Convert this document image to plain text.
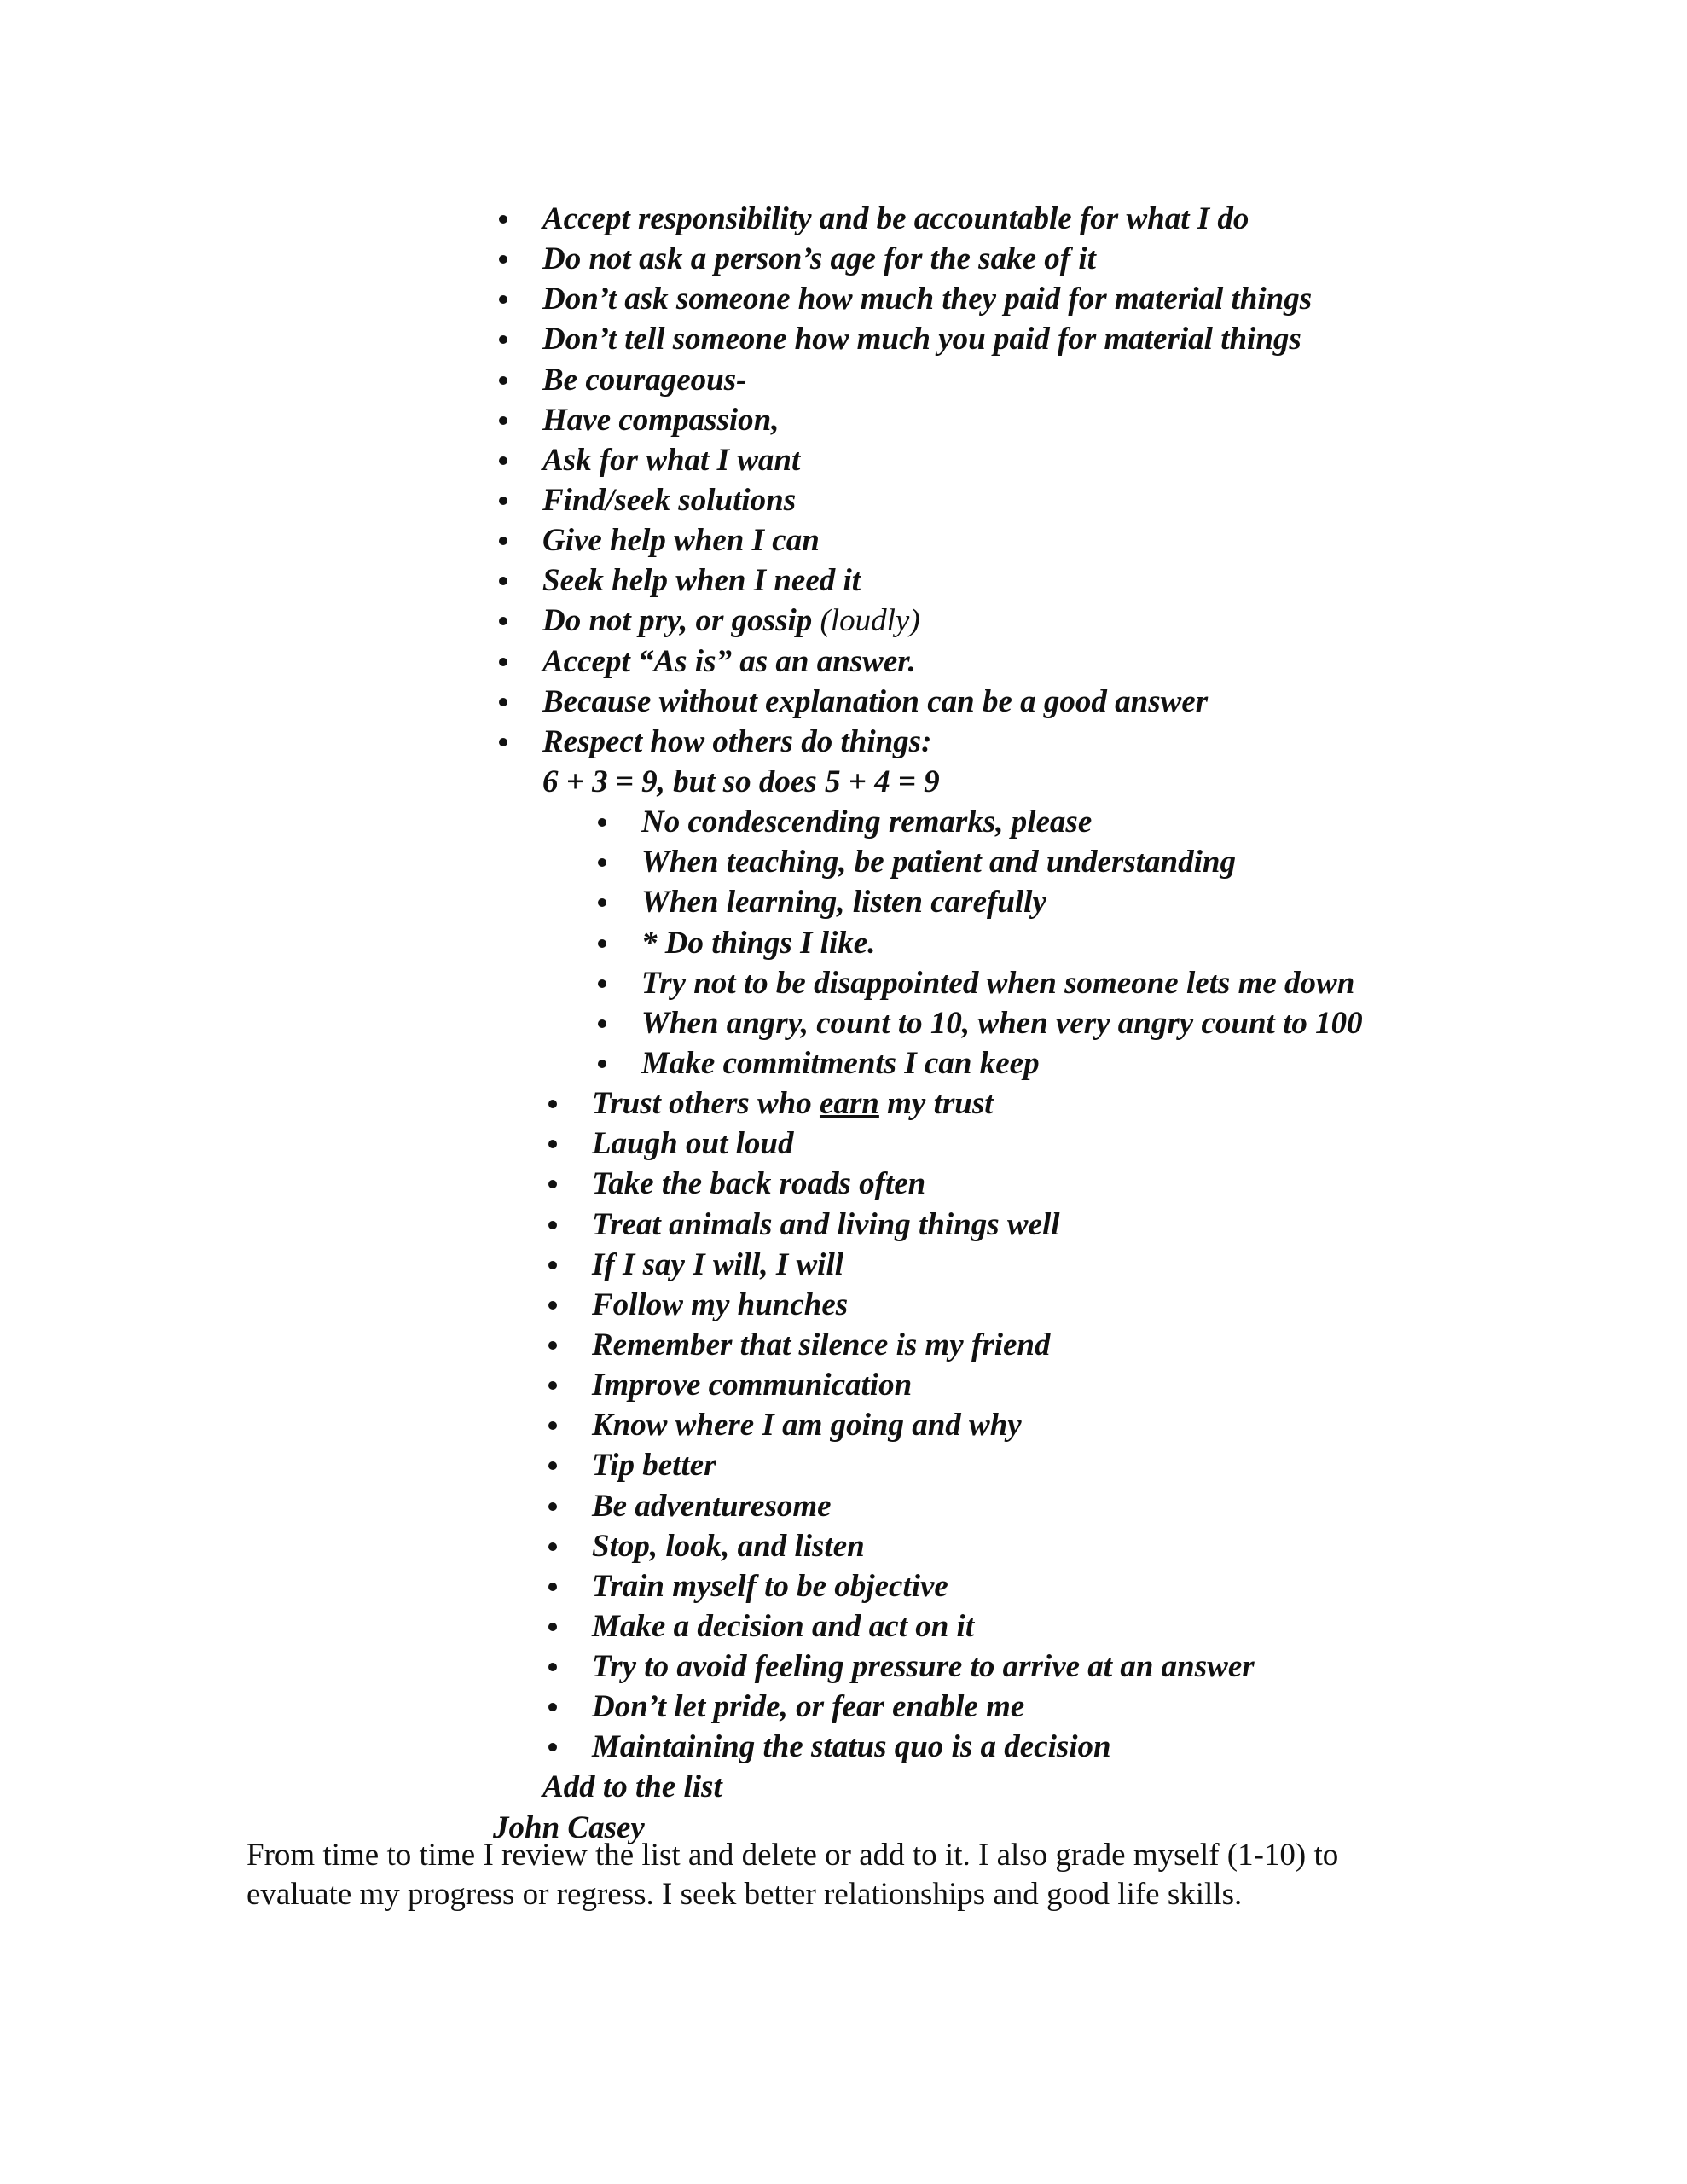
Accept responsibility and be accountable for what I do
Do not ask a person’s age for the sake of it
Don’t ask someone how much they paid for material things
Don’t tell someone how much you paid for material things
Be courageous-
Have compassion,
Ask for what I want
Find/seek solutions
Give help when I can
Seek help when I need it
Do not pry, or gossip (loudly)
Accept “As is” as an answer.
Because without explanation can be a good answer
Respect how others do things:
6 + 3 = 9, but so does 5 + 4 = 9
No condescending remarks, please
When teaching, be patient and understanding
When learning, listen carefully
* Do things I like.
Try not to be disappointed when someone lets me down
When angry, count to 10, when very angry count to 100
Make commitments I can keep
Trust others who earn my trust
Laugh out loud
Take the back roads often
Treat animals and living things well
If I say I will, I will
Follow my hunches
Remember that silence is my friend
Improve communication
Know where I am going and why
Tip better
Be adventuresome
Stop, look, and listen
Train myself to be objective
Make a decision and act on it
Try to avoid feeling pressure to arrive at an answer
Don’t let pride, or fear enable me
Maintaining the status quo is a decision
Add to the list
John Casey
From time to time I review the list and delete or add to it. I also grade myself (1-10) to
evaluate my progress or regress. I seek better relationships and good life skills.
